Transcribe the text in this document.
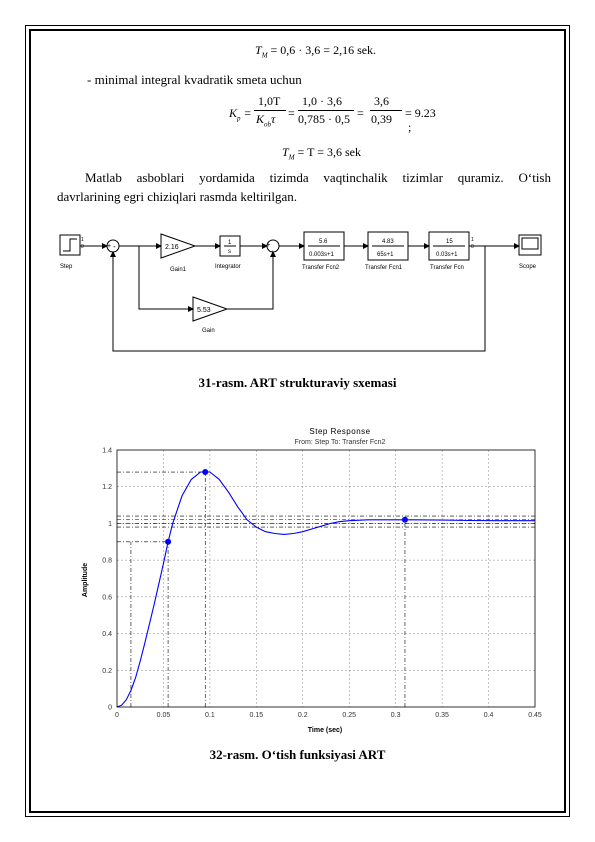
$T_M = 0,6 \cdot 3,6 = 2,16$ sek.
- minimal integral kvadratik smeta uchun
$K_p$ =
1,0T
$K_{ob}\tau$ =
1,0 · 3,6
0,785 · 0,5 =
3,6
0,39 = 9.23
;
$T_M = T = 3,6$ sek
Matlab asboblari yordamida tizimda vaqtinchalik tizimlar quramiz. O‘tish
davrlarining egri chiziqlari rasmda keltirilgan.
1
0	+ -	2.16
1
s
+
+
5.6
0.003s+1
4.83
65s+1
15
0.03s+1
1
0
5.53
Step	Gain1	Integrator	Transfer Fcn2	Transfer Fcn1	Transfer Fcn	Scope
Gain
31-rasm. ART strukturaviy sxemasi
Step Response
From: Step To: Transfer Fcn2
Amplitude
Time (sec)
0	0.05	0.1	0.15	0.2	0.25	0.3	0.35	0.4	0.45
0
0.2
0.4
0.6
0.8
1
1.2
1.4
32-rasm. O‘tish funksiyasi ART
